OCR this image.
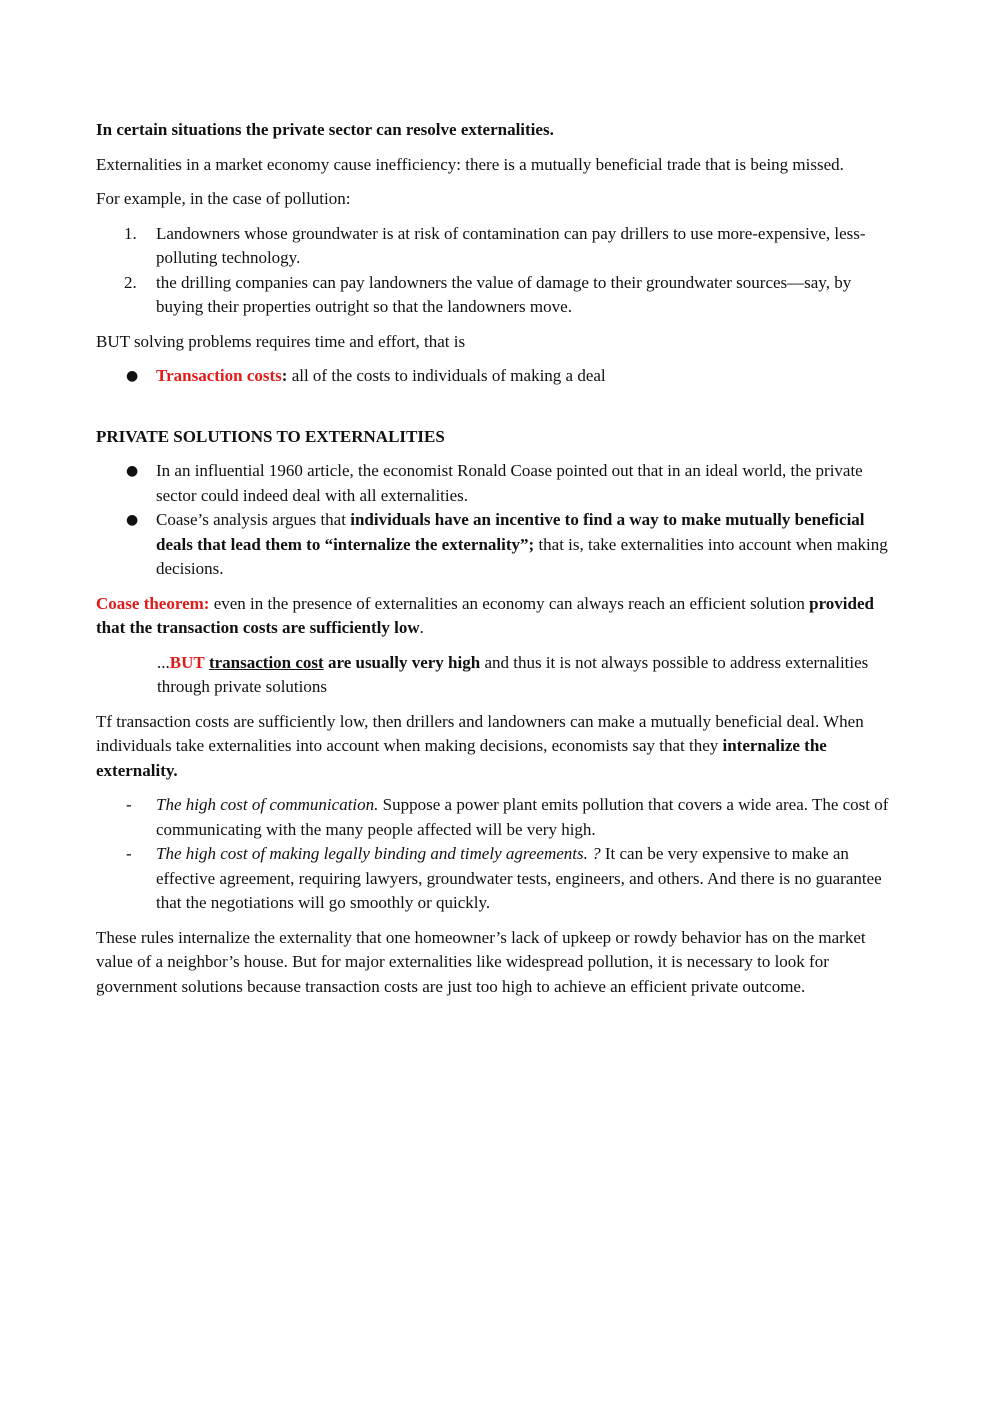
In certain situations the private sector can resolve externalities.

Externalities in a market economy cause inefficiency: there is a mutually beneficial trade that is being missed.

For example, in the case of pollution:

1. Landowners whose groundwater is at risk of contamination can pay drillers to use more-expensive, less-polluting technology.
2. the drilling companies can pay landowners the value of damage to their groundwater sources—say, by buying their properties outright so that the landowners move.

BUT solving problems requires time and effort, that is

● Transaction costs: all of the costs to individuals of making a deal

PRIVATE SOLUTIONS TO EXTERNALITIES

● In an influential 1960 article, the economist Ronald Coase pointed out that in an ideal world, the private sector could indeed deal with all externalities.
● Coase’s analysis argues that individuals have an incentive to find a way to make mutually beneficial deals that lead them to “internalize the externality”; that is, take externalities into account when making decisions.

Coase theorem: even in the presence of externalities an economy can always reach an efficient solution provided that the transaction costs are sufficiently low.

...BUT transaction cost are usually very high and thus it is not always possible to address externalities through private solutions

Tf transaction costs are sufficiently low, then drillers and landowners can make a mutually beneficial deal. When individuals take externalities into account when making decisions, economists say that they internalize the externality.

- The high cost of communication. Suppose a power plant emits pollution that covers a wide area. The cost of communicating with the many people affected will be very high.
- The high cost of making legally binding and timely agreements. ? It can be very expensive to make an effective agreement, requiring lawyers, groundwater tests, engineers, and others. And there is no guarantee that the negotiations will go smoothly or quickly.

These rules internalize the externality that one homeowner’s lack of upkeep or rowdy behavior has on the market value of a neighbor’s house. But for major externalities like widespread pollution, it is necessary to look for government solutions because transaction costs are just too high to achieve an efficient private outcome.
